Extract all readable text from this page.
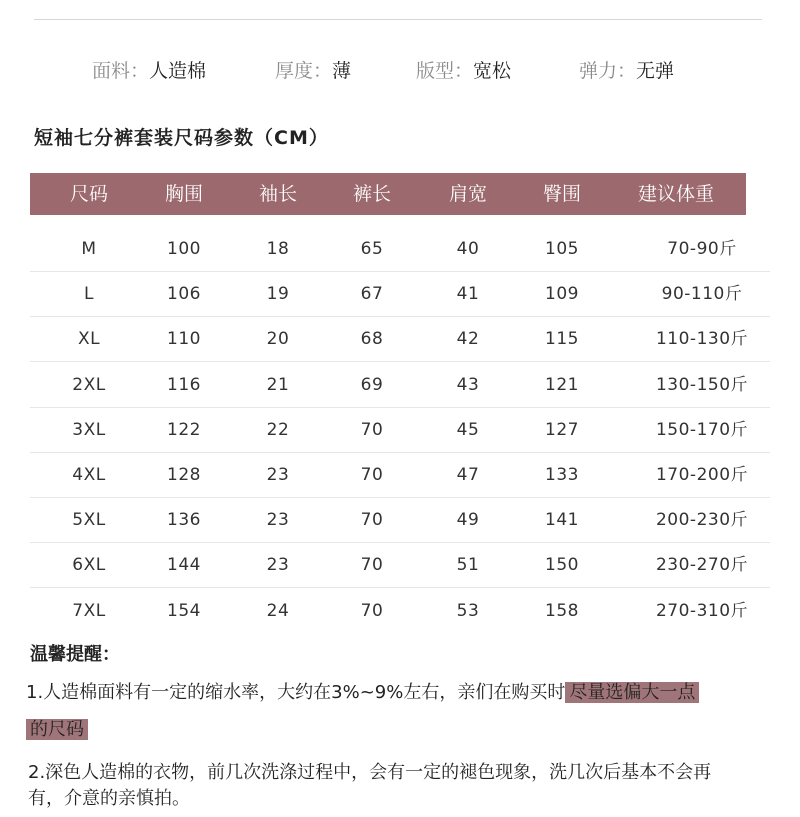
面料：人造棉	厚度：薄	版型：宽松	弹力：无弹
短袖七分裤套装尺码参数（CM）
尺码	胸围	袖长	裤长	肩宽	臀围	建议体重
M	100	18	65	40	105	70-90斤
L	106	19	67	41	109	90-110斤
XL	110	20	68	42	115	110-130斤
2XL	116	21	69	43	121	130-150斤
3XL	122	22	70	45	127	150-170斤
4XL	128	23	70	47	133	170-200斤
5XL	136	23	70	49	141	200-230斤
6XL	144	23	70	51	150	230-270斤
7XL	154	24	70	53	158	270-310斤
温馨提醒：
1.人造棉面料有一定的缩水率，大约在3%~9%左右，亲们在购买时 尽量选偏大一点
的尺码
2.深色人造棉的衣物，前几次洗涤过程中，会有一定的褪色现象，洗几次后基本不会再
有，介意的亲慎拍。
